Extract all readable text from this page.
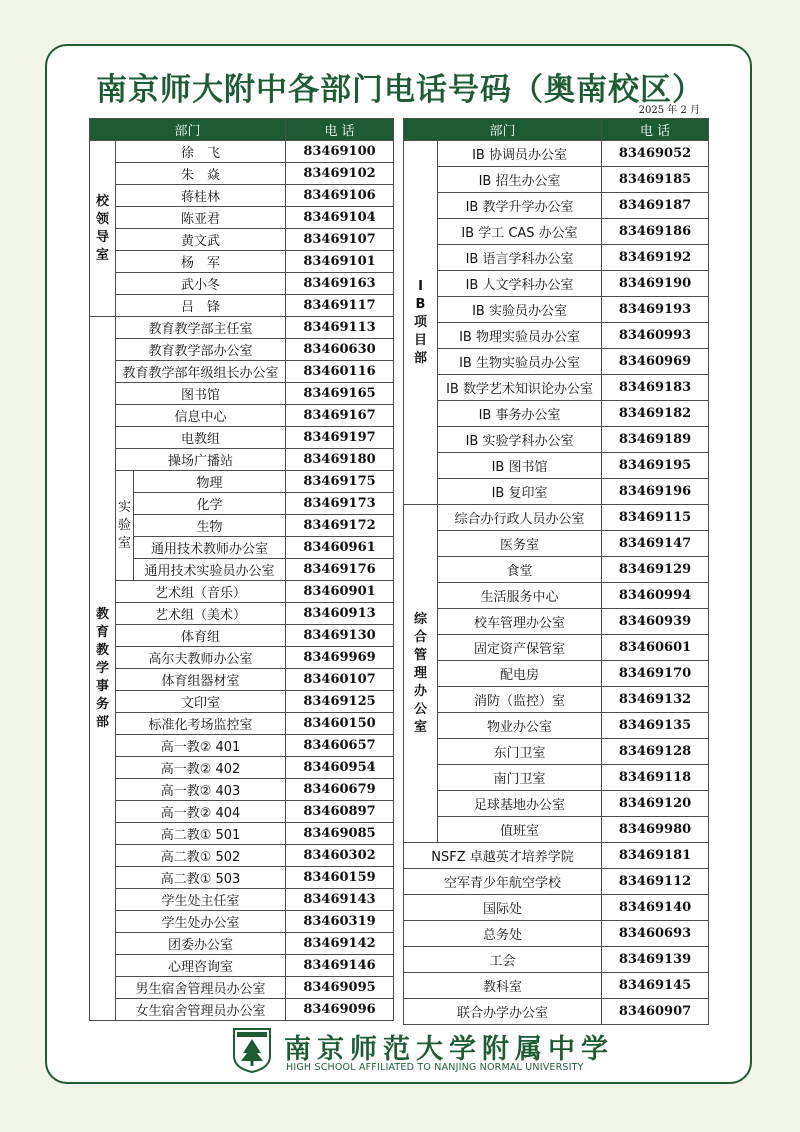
南京师大附中各部门电话号码（奥南校区）
2025 年 2 月
部门			电 话
校领导室	徐　飞		83469100
	朱　焱		83469102
	蒋桂林		83469106
	陈亚君		83469104
	黄文武		83469107
	杨　军		83469101
	武小冬		83469163
	吕　锋		83469117
教育教学事务部	教育教学部主任室		83469113
	教育教学部办公室		83460630
	教育教学部年级组长办公室		83460116
	图书馆		83469165
	信息中心		83469167
	电教组		83469197
	操场广播站		83469180
	实验室	物理	83469175
		化学	83469173
		生物	83469172
		通用技术教师办公室	83460961
		通用技术实验员办公室	83469176
	艺术组（音乐）		83460901
	艺术组（美术）		83460913
	体育组		83469130
	高尔夫教师办公室		83469969
	体育组器材室		83460107
	文印室		83469125
	标准化考场监控室		83460150
	高一教② 401		83460657
	高一教② 402		83460954
	高一教② 403		83460679
	高一教② 404		83460897
	高二教① 501		83469085
	高二教① 502		83460302
	高二教① 503		83460159
	学生处主任室		83469143
	学生处办公室		83460319
	团委办公室		83469142
	心理咨询室		83469146
	男生宿舍管理员办公室		83469095
	女生宿舍管理员办公室		83469096
部门		电 话
IB项目部	IB 协调员办公室	83469052
	IB 招生办公室	83469185
	IB 教学升学办公室	83469187
	IB 学工 CAS 办公室	83469186
	IB 语言学科办公室	83469192
	IB 人文学科办公室	83469190
	IB 实验员办公室	83469193
	IB 物理实验员办公室	83460993
	IB 生物实验员办公室	83460969
	IB 数学艺术知识论办公室	83469183
	IB 事务办公室	83469182
	IB 实验学科办公室	83469189
	IB 图书馆	83469195
	IB 复印室	83469196
综合管理办公室	综合办行政人员办公室	83469115
	医务室	83469147
	食堂	83469129
	生活服务中心	83460994
	校车管理办公室	83460939
	固定资产保管室	83460601
	配电房	83469170
	消防（监控）室	83469132
	物业办公室	83469135
	东门卫室	83469128
	南门卫室	83469118
	足球基地办公室	83469120
	值班室	83469980
NSFZ 卓越英才培养学院		83469181
空军青少年航空学校		83469112
国际处		83469140
总务处		83460693
工会		83469139
教科室		83469145
联合办学办公室		83460907
南京师范大学附属中学
HIGH SCHOOL AFFILIATED TO NANJING NORMAL UNIVERSITY
